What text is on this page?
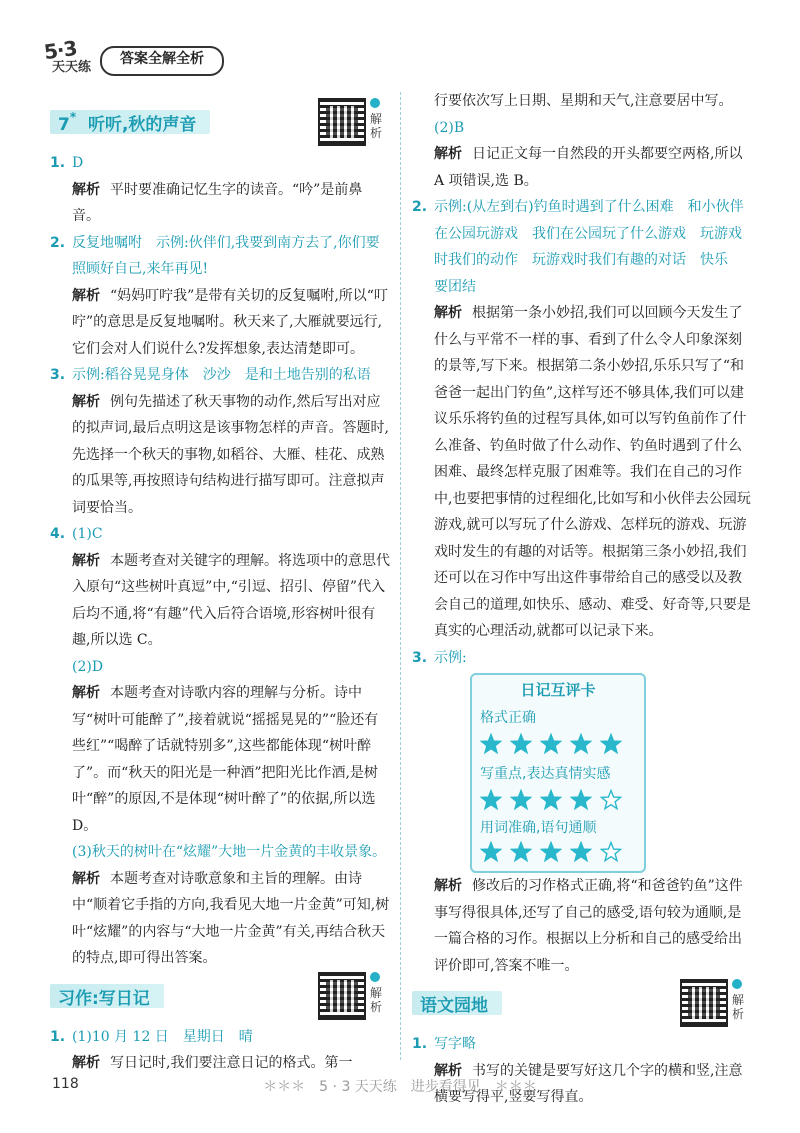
5·3
天天练
答案全解全析
7* 听听,秋的声音	解析
1. D
解析 平时要准确记忆生字的读音。“吟”是前鼻音。
2. 反复地嘱咐　示例:伙伴们,我要到南方去了,你们要照顾好自己,来年再见!
解析 “妈妈叮咛我”是带有关切的反复嘱咐,所以“叮咛”的意思是反复地嘱咐。秋天来了,大雁就要远行,它们会对人们说什么?发挥想象,表达清楚即可。
3. 示例:稻谷晃晃身体　沙沙　是和土地告别的私语
解析 例句先描述了秋天事物的动作,然后写出对应的拟声词,最后点明这是该事物怎样的声音。答题时,先选择一个秋天的事物,如稻谷、大雁、桂花、成熟的瓜果等,再按照诗句结构进行描写即可。注意拟声词要恰当。
4. (1)C
解析 本题考查对关键字的理解。将选项中的意思代入原句“这些树叶真逗”中,“引逗、招引、停留”代入后均不通,将“有趣”代入后符合语境,形容树叶很有趣,所以选 C。
(2)D
解析 本题考查对诗歌内容的理解与分析。诗中写“树叶可能醉了”,接着就说“摇摇晃晃的”“脸还有些红”“喝醉了话就特别多”,这些都能体现“树叶醉了”。而“秋天的阳光是一种酒”把阳光比作酒,是树叶“醉”的原因,不是体现“树叶醉了”的依据,所以选 D。
(3)秋天的树叶在“炫耀”大地一片金黄的丰收景象。
解析 本题考查对诗歌意象和主旨的理解。由诗中“顺着它手指的方向,我看见大地一片金黄”可知,树叶“炫耀”的内容与“大地一片金黄”有关,再结合秋天的特点,即可得出答案。
习作:写日记	解析
1. (1)10 月 12 日　星期日　晴
解析 写日记时,我们要注意日记的格式。第一
行要依次写上日期、星期和天气,注意要居中写。
(2)B
解析 日记正文每一自然段的开头都要空两格,所以 A 项错误,选 B。
2. 示例:(从左到右)钓鱼时遇到了什么困难　和小伙伴在公园玩游戏　我们在公园玩了什么游戏　玩游戏时我们的动作　玩游戏时我们有趣的对话　快乐　要团结
解析 根据第一条小妙招,我们可以回顾今天发生了什么与平常不一样的事、看到了什么令人印象深刻的景等,写下来。根据第二条小妙招,乐乐只写了“和爸爸一起出门钓鱼”,这样写还不够具体,我们可以建议乐乐将钓鱼的过程写具体,如可以写钓鱼前作了什么准备、钓鱼时做了什么动作、钓鱼时遇到了什么困难、最终怎样克服了困难等。我们在自己的习作中,也要把事情的过程细化,比如写和小伙伴去公园玩游戏,就可以写玩了什么游戏、怎样玩的游戏、玩游戏时发生的有趣的对话等。根据第三条小妙招,我们还可以在习作中写出这件事带给自己的感受以及教会自己的道理,如快乐、感动、难受、好奇等,只要是真实的心理活动,就都可以记录下来。
3. 示例:
日记互评卡
格式正确
写重点,表达真情实感
用词准确,语句通顺
解析 修改后的习作格式正确,将“和爸爸钓鱼”这件事写得很具体,还写了自己的感受,语句较为通顺,是一篇合格的习作。根据以上分析和自己的感受给出评价即可,答案不唯一。
语文园地	解析
1. 写字略
解析 书写的关键是要写好这几个字的横和竖,注意横要写得平,竖要写得直。
＊＊＊　5 · 3 天天练　进步看得见　＊＊＊
118
